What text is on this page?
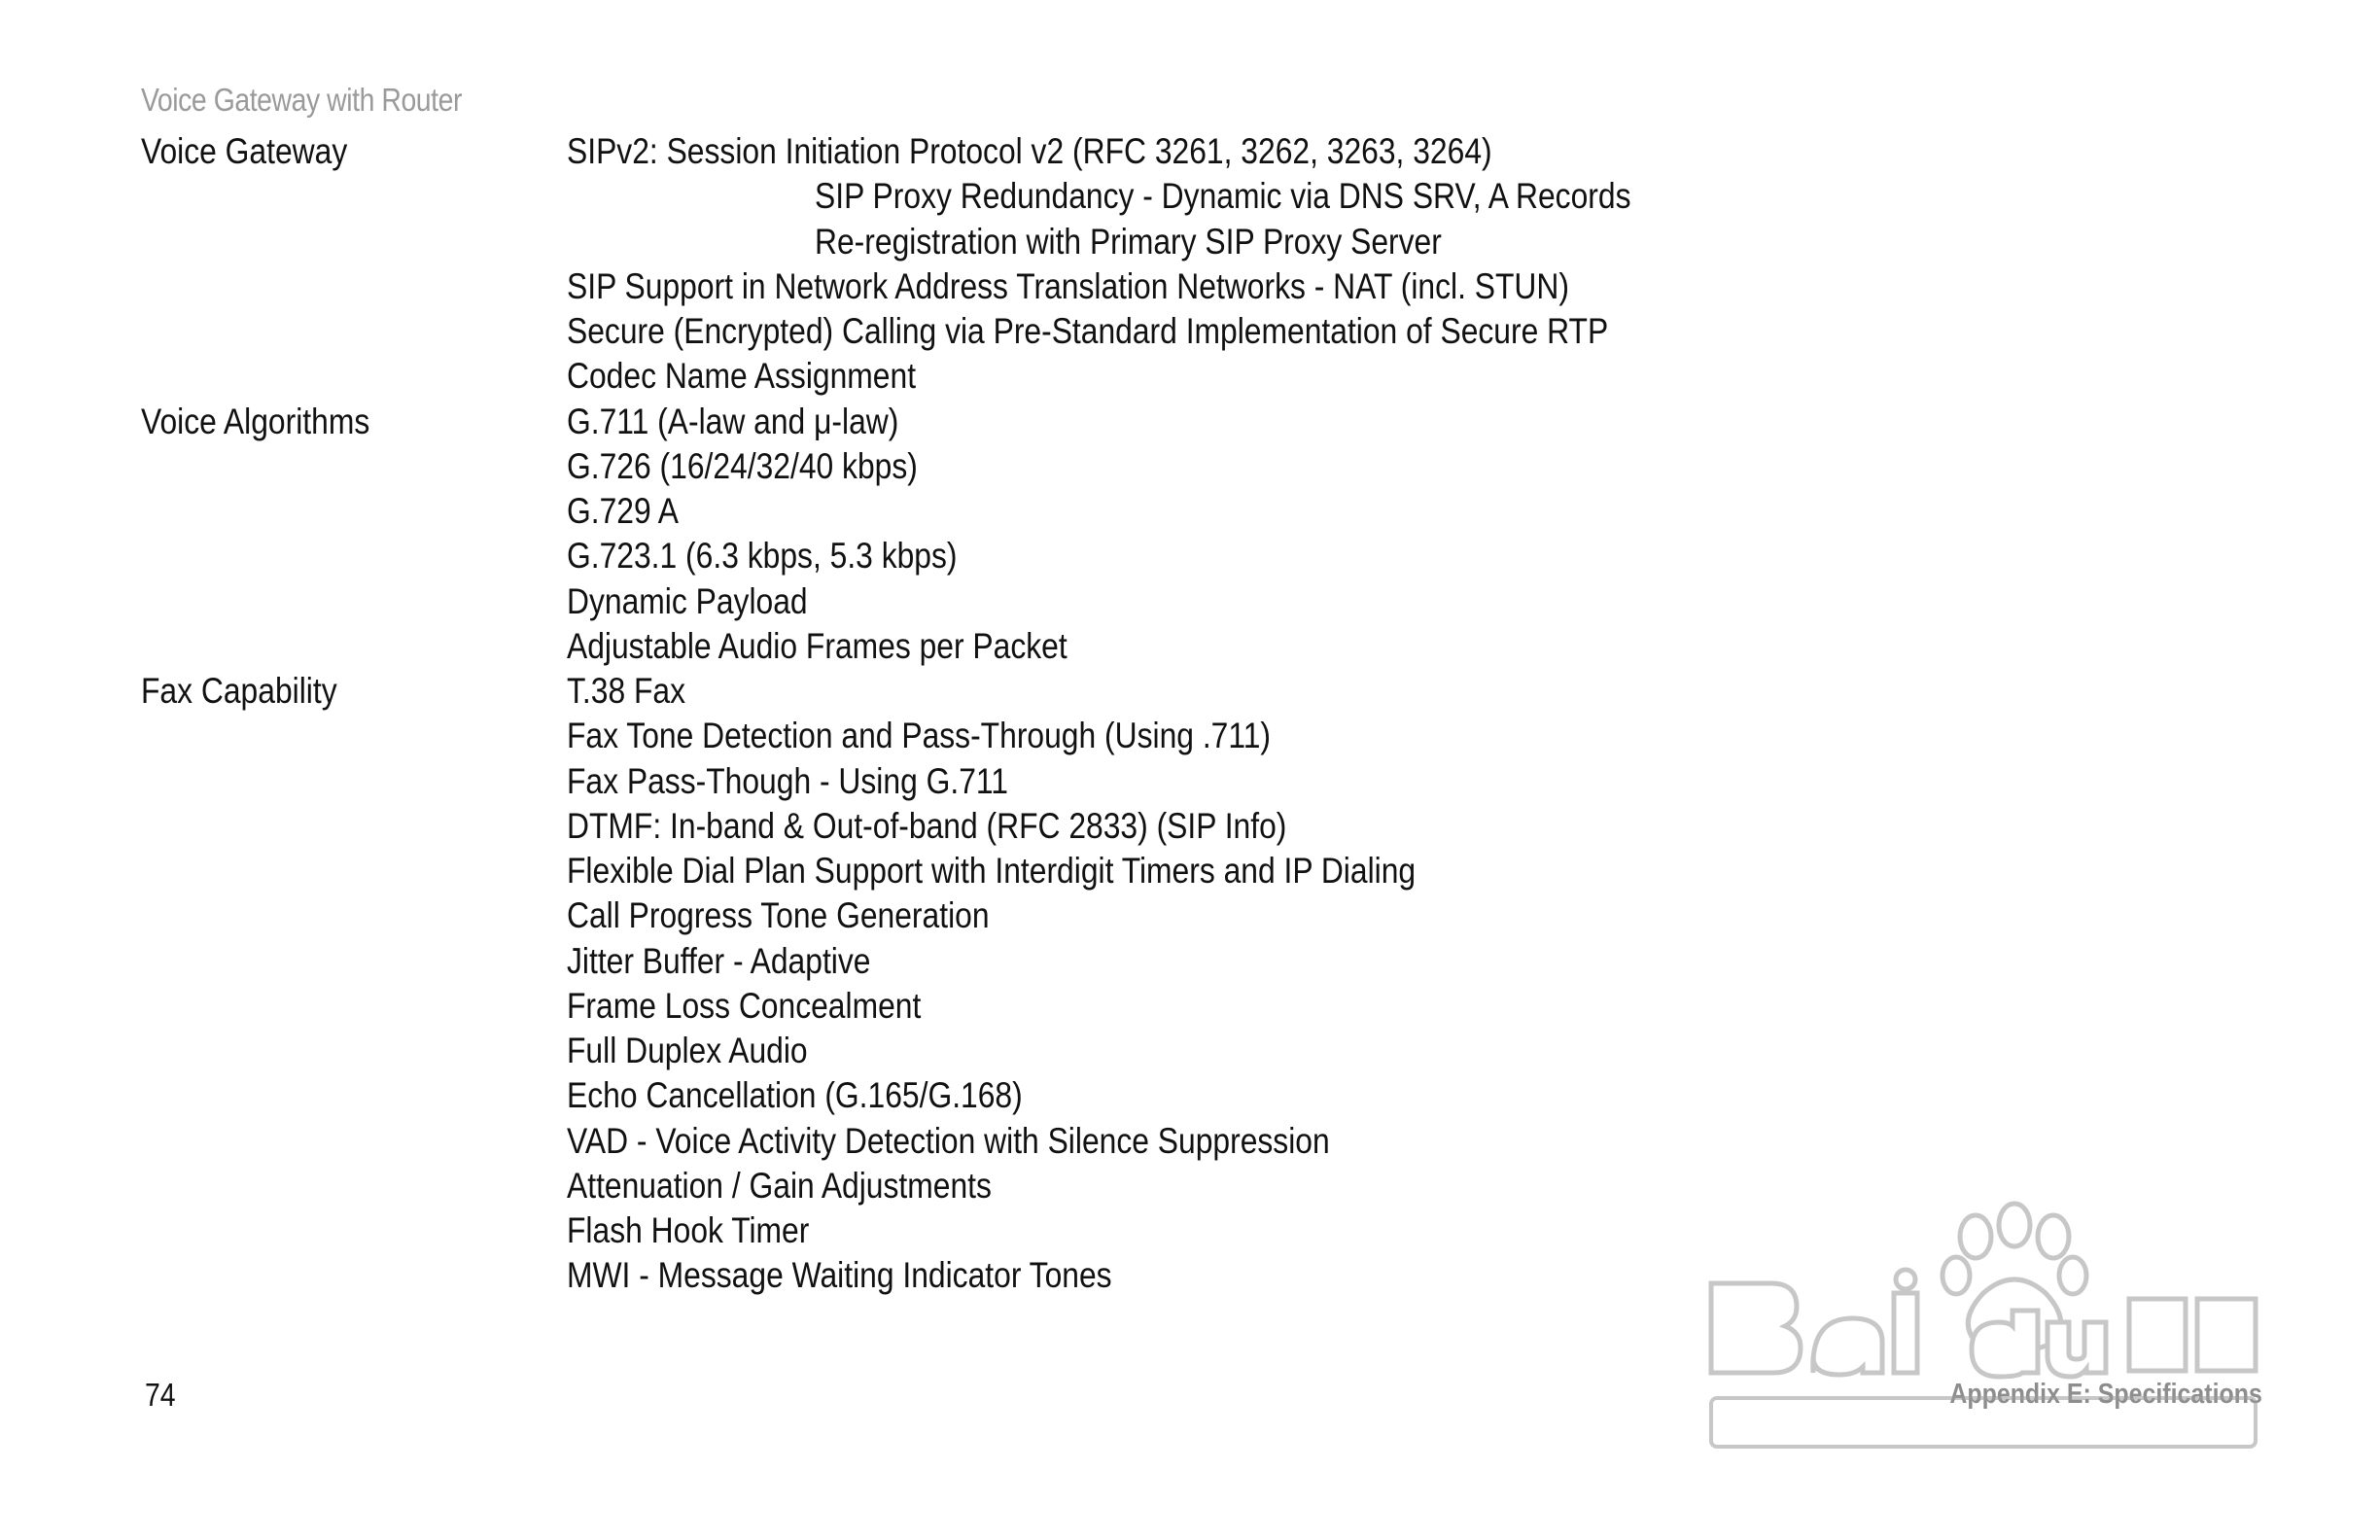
Voice Gateway with Router
Voice Gateway	SIPv2: Session Initiation Protocol v2 (RFC 3261, 3262, 3263, 3264)
SIP Proxy Redundancy - Dynamic via DNS SRV, A Records
Re-registration with Primary SIP Proxy Server
SIP Support in Network Address Translation Networks - NAT (incl. STUN)
Secure (Encrypted) Calling via Pre-Standard Implementation of Secure RTP
Codec Name Assignment
Voice Algorithms	G.711 (A-law and μ-law)
G.726 (16/24/32/40 kbps)
G.729 A
G.723.1 (6.3 kbps, 5.3 kbps)
Dynamic Payload
Adjustable Audio Frames per Packet
Fax Capability	T.38 Fax
Fax Tone Detection and Pass-Through (Using .711)
Fax Pass-Though - Using G.711
DTMF: In-band & Out-of-band (RFC 2833) (SIP Info)
Flexible Dial Plan Support with Interdigit Timers and IP Dialing
Call Progress Tone Generation
Jitter Buffer - Adaptive
Frame Loss Concealment
Full Duplex Audio
Echo Cancellation (G.165/G.168)
VAD - Voice Activity Detection with Silence Suppression
Attenuation / Gain Adjustments
Flash Hook Timer
MWI - Message Waiting Indicator Tones
74	Appendix E: Specifications
